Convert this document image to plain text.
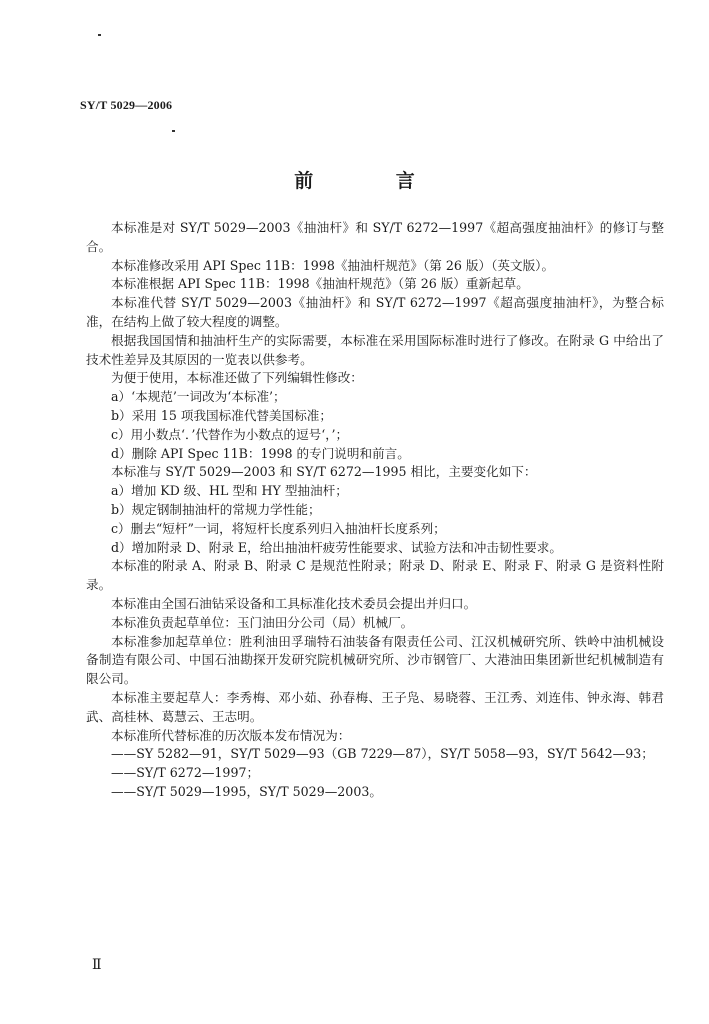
SY/T 5029—2006
前 言

本标准是对 SY/T 5029—2003《抽油杆》和 SY/T 6272—1997《超高强度抽油杆》的修订与整合。

本标准修改采用 API Spec 11B：1998《抽油杆规范》（第 26 版）（英文版）。

本标准根据 API Spec 11B：1998《抽油杆规范》（第 26 版）重新起草。

本标准代替 SY/T 5029—2003《抽油杆》和 SY/T 6272—1997《超高强度抽油杆》，为整合标准，在结构上做了较大程度的调整。

根据我国国情和抽油杆生产的实际需要，本标准在采用国际标准时进行了修改。在附录 G 中给出了技术性差异及其原因的一览表以供参考。

为便于使用，本标准还做了下列编辑性修改：

a）‘本规范’一词改为‘本标准’；

b）采用 15 项我国标准代替美国标准；

c）用小数点‘．’代替作为小数点的逗号‘，’；

d）删除 API Spec 11B：1998 的专门说明和前言。

本标准与 SY/T 5029—2003 和 SY/T 6272—1995 相比，主要变化如下：

a）增加 KD 级、HL 型和 HY 型抽油杆；

b）规定钢制抽油杆的常规力学性能；

c）删去“短杆”一词，将短杆长度系列归入抽油杆长度系列；

d）增加附录 D、附录 E，给出抽油杆疲劳性能要求、试验方法和冲击韧性要求。

本标准的附录 A、附录 B、附录 C 是规范性附录；附录 D、附录 E、附录 F、附录 G 是资料性附录。

本标准由全国石油钻采设备和工具标准化技术委员会提出并归口。

本标准负责起草单位：玉门油田分公司（局）机械厂。

本标准参加起草单位：胜利油田孚瑞特石油装备有限责任公司、江汉机械研究所、铁岭中油机械设备制造有限公司、中国石油勘探开发研究院机械研究所、沙市钢管厂、大港油田集团新世纪机械制造有限公司。

本标准主要起草人：李秀梅、邓小茹、孙春梅、王子凫、易晓蓉、王江秀、刘连伟、钟永海、韩君武、高桂林、葛慧云、王志明。

本标准所代替标准的历次版本发布情况为：

——SY 5282—91，SY/T 5029—93（GB 7229—87），SY/T 5058—93，SY/T 5642—93；

——SY/T 6272—1997；

——SY/T 5029—1995，SY/T 5029—2003。

Ⅱ
